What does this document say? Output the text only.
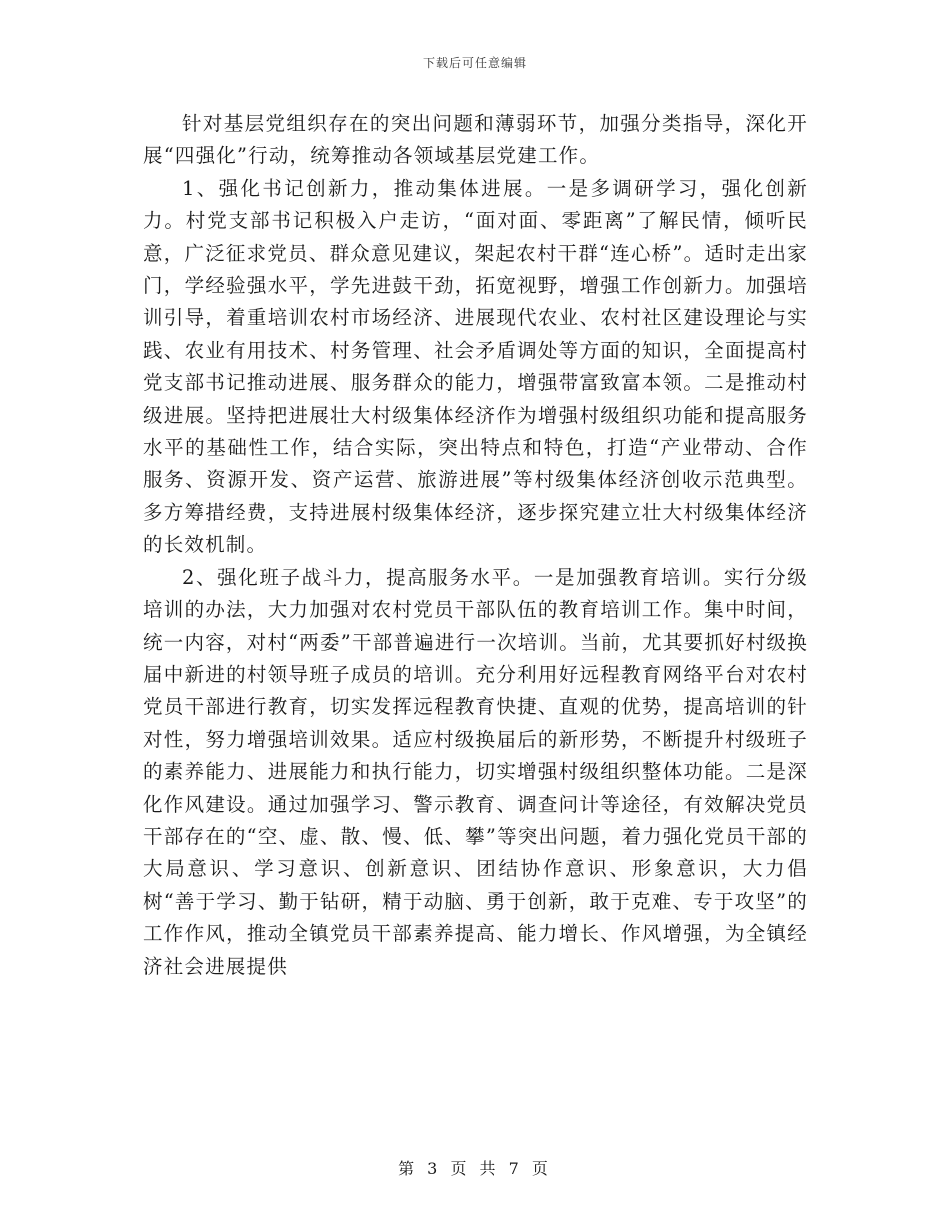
下载后可任意编辑

针对基层党组织存在的突出问题和薄弱环节，加强分类指导，深化开展“四强化”行动，统筹推动各领域基层党建工作。

1、强化书记创新力，推动集体进展。一是多调研学习，强化创新力。村党支部书记积极入户走访，“面对面、零距离”了解民情，倾听民意，广泛征求党员、群众意见建议，架起农村干群“连心桥”。适时走出家门，学经验强水平，学先进鼓干劲，拓宽视野，增强工作创新力。加强培训引导，着重培训农村市场经济、进展现代农业、农村社区建设理论与实践、农业有用技术、村务管理、社会矛盾调处等方面的知识，全面提高村党支部书记推动进展、服务群众的能力，增强带富致富本领。二是推动村级进展。坚持把进展壮大村级集体经济作为增强村级组织功能和提高服务水平的基础性工作，结合实际，突出特点和特色，打造“产业带动、合作服务、资源开发、资产运营、旅游进展”等村级集体经济创收示范典型。多方筹措经费，支持进展村级集体经济，逐步探究建立壮大村级集体经济的长效机制。

2、强化班子战斗力，提高服务水平。一是加强教育培训。实行分级培训的办法，大力加强对农村党员干部队伍的教育培训工作。集中时间，统一内容，对村“两委”干部普遍进行一次培训。当前，尤其要抓好村级换届中新进的村领导班子成员的培训。充分利用好远程教育网络平台对农村党员干部进行教育，切实发挥远程教育快捷、直观的优势，提高培训的针对性，努力增强培训效果。适应村级换届后的新形势，不断提升村级班子的素养能力、进展能力和执行能力，切实增强村级组织整体功能。二是深化作风建设。通过加强学习、警示教育、调查问计等途径，有效解决党员干部存在的“空、虚、散、慢、低、攀”等突出问题，着力强化党员干部的大局意识、学习意识、创新意识、团结协作意识、形象意识，大力倡树“善于学习、勤于钻研，精于动脑、勇于创新，敢于克难、专于攻坚”的工作作风，推动全镇党员干部素养提高、能力增长、作风增强，为全镇经济社会进展提供

第 3 页 共 7 页
